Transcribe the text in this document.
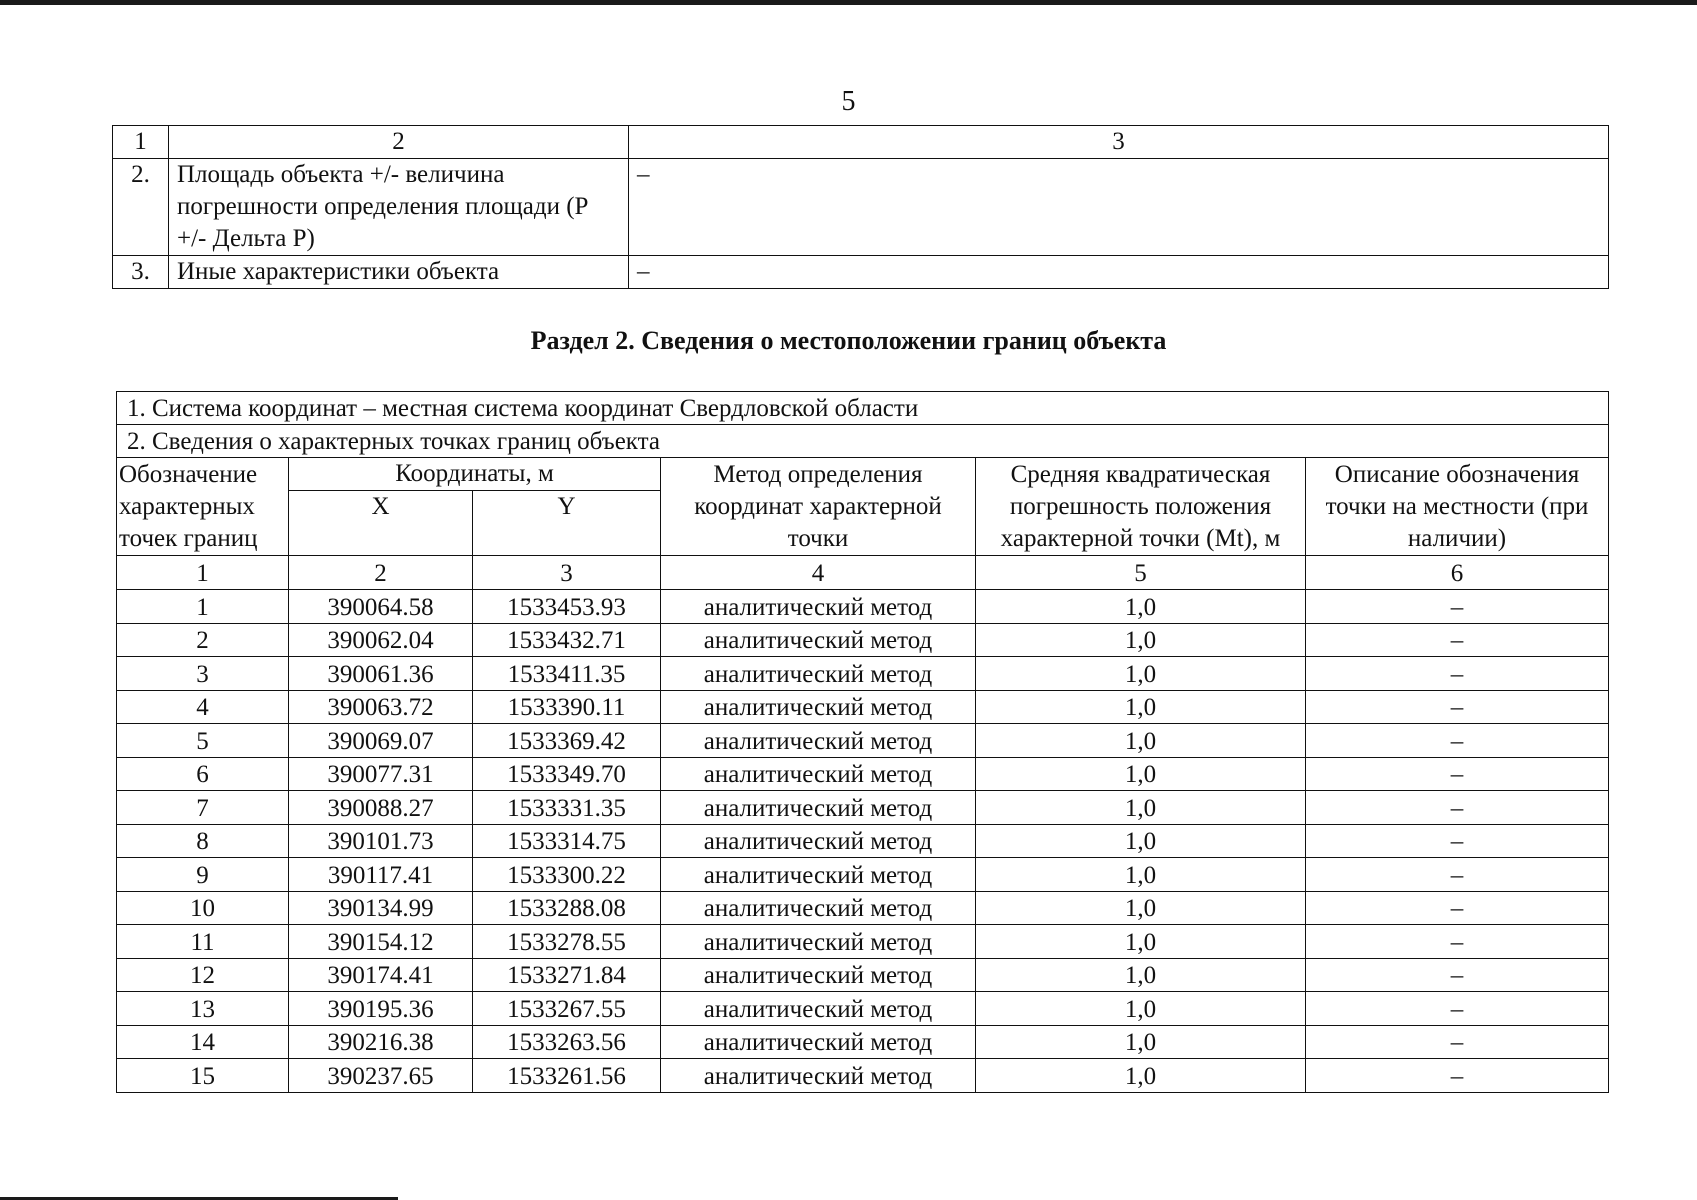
5
1	2	3
2.	Площадь объекта +/- величина погрешности определения площади (Р +/- Дельта Р)	–
3.	Иные характеристики объекта	–
Раздел 2. Сведения о местоположении границ объекта
1. Система координат – местная система координат Свердловской области					
2. Сведения о характерных точках границ объекта					
Обозначение характерных точек границ	Координаты, м		Метод определения координат характерной точки	Средняя квадратическая погрешность положения характерной точки (Mt), м	Описание обозначения точки на местности (при наличии)
	X	Y			
1	2	3	4	5	6
1	390064.58	1533453.93	аналитический метод	1,0	–
2	390062.04	1533432.71	аналитический метод	1,0	–
3	390061.36	1533411.35	аналитический метод	1,0	–
4	390063.72	1533390.11	аналитический метод	1,0	–
5	390069.07	1533369.42	аналитический метод	1,0	–
6	390077.31	1533349.70	аналитический метод	1,0	–
7	390088.27	1533331.35	аналитический метод	1,0	–
8	390101.73	1533314.75	аналитический метод	1,0	–
9	390117.41	1533300.22	аналитический метод	1,0	–
10	390134.99	1533288.08	аналитический метод	1,0	–
11	390154.12	1533278.55	аналитический метод	1,0	–
12	390174.41	1533271.84	аналитический метод	1,0	–
13	390195.36	1533267.55	аналитический метод	1,0	–
14	390216.38	1533263.56	аналитический метод	1,0	–
15	390237.65	1533261.56	аналитический метод	1,0	–
